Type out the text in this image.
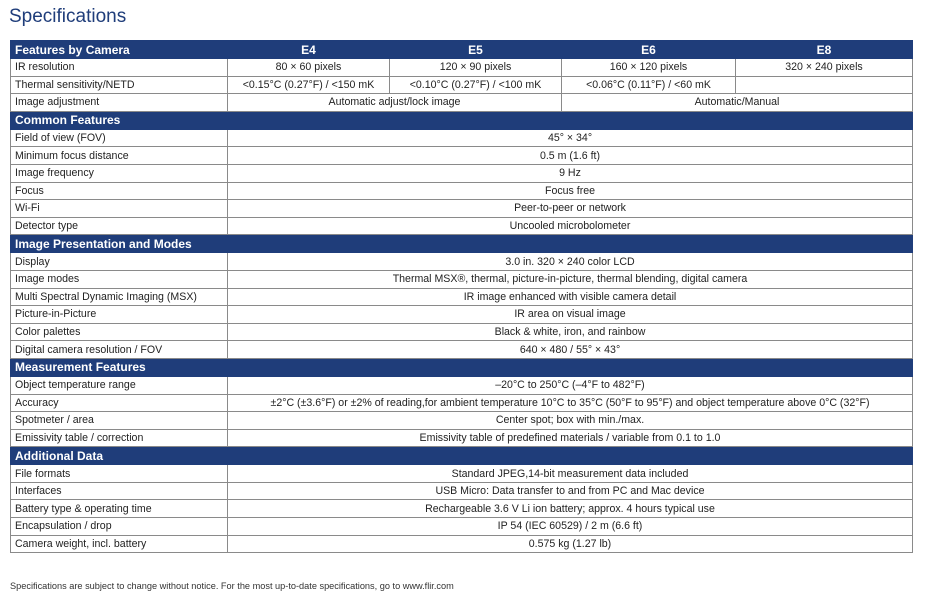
Specifications
Features by Camera	E4	E5	E6	E8
IR resolution	80 × 60 pixels	120 × 90 pixels	160 × 120 pixels	320 × 240 pixels
Thermal sensitivity/NETD	<0.15°C (0.27°F) / <150 mK	<0.10°C (0.27°F) / <100 mK	<0.06°C (0.11°F) / <60 mK	
Image adjustment	Automatic adjust/lock image		Automatic/Manual	
Common Features				
Field of view (FOV)	45° × 34°			
Minimum focus distance	0.5 m (1.6 ft)			
Image frequency	9 Hz			
Focus	Focus free			
Wi-Fi	Peer-to-peer or network			
Detector type	Uncooled microbolometer			
Image Presentation and Modes				
Display	3.0 in. 320 × 240 color LCD			
Image modes	Thermal MSX®, thermal, picture-in-picture, thermal blending, digital camera			
Multi Spectral Dynamic Imaging (MSX)	IR image enhanced with visible camera detail			
Picture-in-Picture	IR area on visual image			
Color palettes	Black & white, iron, and rainbow			
Digital camera resolution / FOV	640 × 480 / 55° × 43°			
Measurement Features				
Object temperature range	–20°C to 250°C (–4°F to 482°F)			
Accuracy	±2°C (±3.6°F) or ±2% of reading,for ambient temperature 10°C to 35°C (50°F to 95°F) and object temperature above 0°C (32°F)			
Spotmeter / area	Center spot; box with min./max.			
Emissivity table / correction	Emissivity table of predefined materials / variable from 0.1 to 1.0			
Additional Data				
File formats	Standard JPEG,14-bit measurement data included			
Interfaces	USB Micro: Data transfer to and from PC and Mac device			
Battery type & operating time	Rechargeable 3.6 V Li ion battery; approx. 4 hours typical use			
Encapsulation / drop	IP 54 (IEC 60529) / 2 m (6.6 ft)			
Camera weight, incl. battery	0.575 kg (1.27 lb)			
Specifications are subject to change without notice. For the most up-to-date specifications, go to www.flir.com
